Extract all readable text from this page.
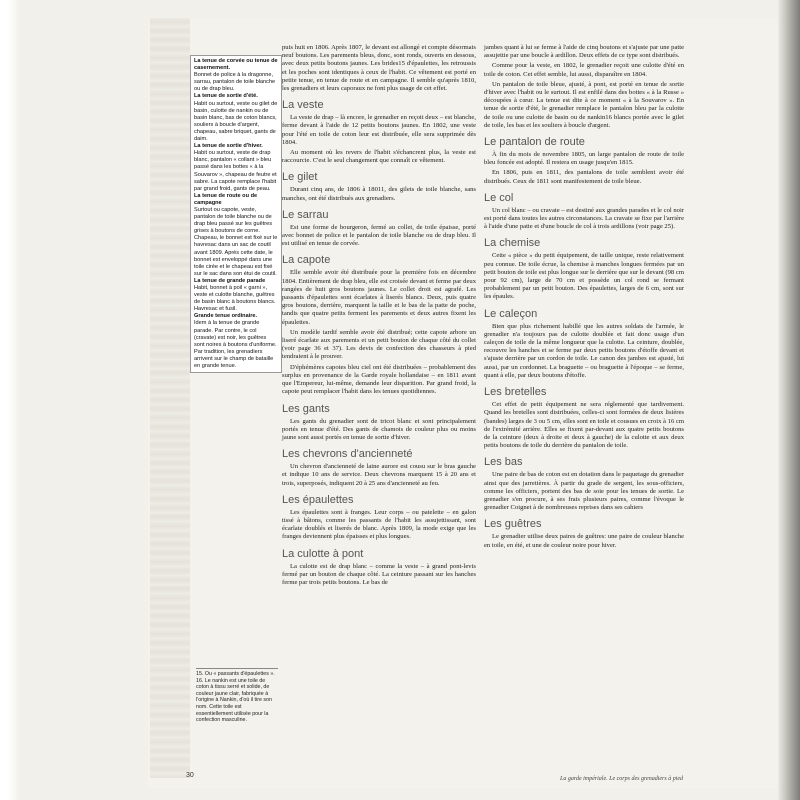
La tenue de corvée ou tenue de casernement.

Bonnet de police à la dragonne, sarrau, pantalon de toile blanche ou de drap bleu.

La tenue de sortie d'été.

Habit ou surtout, veste ou gilet de basin, culotte de nankin ou de basin blanc, bas de coton blancs, souliers à boucle d'argent, chapeau, sabre briquet, gants de daim.

La tenue de sortie d'hiver.

Habit ou surtout, veste de drap blanc, pantalon « collant » bleu passé dans les bottes « à la Souvarov », chapeau de feutre et sabre. La capote remplace l'habit par grand froid, gants de peau.

La tenue de route ou de campagne

Surtout ou capote, veste, pantalon de toile blanche ou de drap bleu passé sur les guêtres grises à boutons de corne. Chapeau, le bonnet est fixé sur le havresac dans un sac de coutil avant 1809. Après cette date, le bonnet est enveloppé dans une toile cirée et le chapeau est fixé sur le sac dans son étui de coutil.

La tenue de grande parade

Habit, bonnet à poil « garni », veste et culotte blanche, guêtres de basin blanc à boutons blancs. Havresac et fusil.

Grande tenue ordinaire.

Idem à la tenue de grande parade. Par contre, le col (cravate) est noir, les guêtres sont noires à boutons d'uniforme. Par tradition, les grenadiers arrivent sur le champ de bataille en grande tenue.

15. Ou « passants d'épaulettes ».

16. Le nankin est une toile de coton à tissu serré et solide, de couleur jaune clair, fabriquée à l'origine à Nankin, d'où il tire son nom. Cette toile est essentiellement utilisée pour la confection masculine.

puis huit en 1806. Après 1807, le devant est allongé et compte désormais neuf boutons. Les parements bleus, donc, sont ronds, ouverts en dessous, avec deux petits boutons jaunes. Les brides15 d'épaulettes, les retroussis et les poches sont identiques à ceux de l'habit. Ce vêtement est porté en petite tenue, en tenue de route et en campagne. Il semble qu'après 1810, les grenadiers et leurs caporaux ne font plus usage de cet effet.

La veste

La veste de drap – là encore, le grenadier en reçoit deux – est blanche, ferme devant à l'aide de 12 petits boutons jaunes. En 1802, une veste pour l'été en toile de coton leur est distribuée, elle sera supprimée dès 1804.

Au moment où les revers de l'habit s'échancrent plus, la veste est raccourcie. C'est le seul changement que connaît ce vêtement.

Le gilet

Durant cinq ans, de 1806 à 18011, des gilets de toile blanche, sans manches, ont été distribués aux grenadiers.

Le sarrau

Est une forme de bourgeron, fermé au collet, de toile épaisse, porté avec bonnet de police et le pantalon de toile blanche ou de drap bleu. Il est utilisé en tenue de corvée.

La capote

Elle semble avoir été distribuée pour la première fois en décembre 1804. Entièrement de drap bleu, elle est croisée devant et ferme par deux rangées de huit gros boutons jaunes. Le collet droit est agrafé. Les passants d'épaulettes sont écarlates à liserés blancs. Deux, puis quatre gros boutons, derrière, marquent la taille et le bas de la patte de poche, tandis que quatre petits ferment les parements et deux autres fixent les épaulettes.

Un modèle tardif semble avoir été distribué; cette capote arbore un liseré écarlate aux parements et un petit bouton de chaque côté du collet (voir page 36 et 37). Les devis de confection des chasseurs à pied tendraient à le prouver.

D'éphémères capotes bleu ciel ont été distribuées – probablement des surplus en provenance de la Garde royale hollandaise – en 1811 avant que l'Empereur, lui-même, demande leur disparition. Par grand froid, la capote peut remplacer l'habit dans les tenues quotidiennes.

Les gants

Les gants du grenadier sont de tricot blanc et sont principalement portés en tenue d'été. Des gants de chamois de couleur plus ou moins jaune sont aussi portés en tenue de sortie d'hiver.

Les chevrons d'ancienneté

Un chevron d'ancienneté de laine aurore est cousu sur le bras gauche et indique 10 ans de service. Deux chevrons marquent 15 à 20 ans et trois, superposés, indiquent 20 à 25 ans d'ancienneté au feu.

Les épaulettes

Les épaulettes sont à franges. Leur corps – ou patelette – en galon tissé à bâtons, comme les passants de l'habit les assujettissant, sont écarlate doublés et liserés de blanc. Après 1809, la mode exige que les franges deviennent plus épaisses et plus longues.

La culotte à pont

La culotte est de drap blanc – comme la veste – à grand pont-levis fermé par un bouton de chaque côté. La ceinture passant sur les hanches ferme par trois petits boutons. Le bas de

jambes quant à lui se ferme à l'aide de cinq boutons et s'ajuste par une patte assujettie par une boucle à ardillon. Deux effets de ce type sont distribués.

Comme pour la veste, en 1802, le grenadier reçoit une culotte d'été en toile de coton. Cet effet semble, lui aussi, disparaître en 1804.

Un pantalon de toile bleue, ajusté, à pont, est porté en tenue de sortie d'hiver avec l'habit ou le surtout. Il est enfilé dans des bottes « à la Russe » découpées à cœur. La tenue est dite à ce moment « à la Souvarov ». En tenue de sortie d'été, le grenadier remplace le pantalon bleu par la culotte de toile ou une culotte de basin ou de nankin16 blancs portée avec le gilet de toile, les bas et les souliers à boucle d'argent.

Le pantalon de route

À fin du mois de novembre 1805, un large pantalon de route de toile bleu foncée est adopté. Il restera en usage jusqu'en 1815.

En 1806, puis en 1811, des pantalons de toile semblent avoir été distribués. Ceux de 1811 sont manifestement de toile bleue.

Le col

Un col blanc – ou cravate – est destiné aux grandes parades et le col noir est porté dans toutes les autres circonstances. La cravate se fixe par l'arrière à l'aide d'une patte et d'une boucle de col à trois ardillons (voir page 25).

La chemise

Cette « pièce » du petit équipement, de taille unique, reste relativement peu connue. De toile écrue, la chemise à manches longues fermées par un petit bouton de toile est plus longue sur le derrière que sur le devant (98 cm pour 92 cm), large de 70 cm et possède un col rond se fermant probablement par un petit bouton. Des épaulettes, larges de 6 cm, sont sur les épaules.

Le caleçon

Bien que plus richement habillé que les autres soldats de l'armée, le grenadier n'a toujours pas de culotte doublée et fait donc usage d'un caleçon de toile de la même longueur que la culotte. La ceinture, doublée, recouvre les hanches et se ferme par deux petits boutons d'étoffe devant et s'ajuste derrière par un cordon de toile. Le canon des jambes est ajusté, lui aussi, par un cordonnet. La braguette – ou braguette à l'époque – se ferme, quant à elle, par deux boutons d'étoffe.

Les bretelles

Cet effet de petit équipement ne sera réglementé que tardivement. Quand les bretelles sont distribuées, celles-ci sont formées de deux lisières (bandes) larges de 3 ou 5 cm, elles sont en toile et cousues en croix à 16 cm de l'extrémité arrière. Elles se fixent par-devant aux quatre petits boutons de la ceinture (deux à droite et deux à gauche) de la culotte et aux deux petits boutons de toile du derrière du pantalon de toile.

Les bas

Une paire de bas de coton est en dotation dans le paquetage du grenadier ainsi que des jarretières. À partir du grade de sergent, les sous-officiers, comme les officiers, portent des bas de soie pour les tenues de sortie. Le grenadier s'en procure, à ses frais plusieurs paires, comme l'évoque le grenadier Coignet à de nombreuses reprises dans ses cahiers

Les guêtres

Le grenadier utilise deux paires de guêtres: une paire de couleur blanche en toile, en été, et une de couleur noire pour hiver.

30	La garde impériale. Le corps des grenadiers à pied
